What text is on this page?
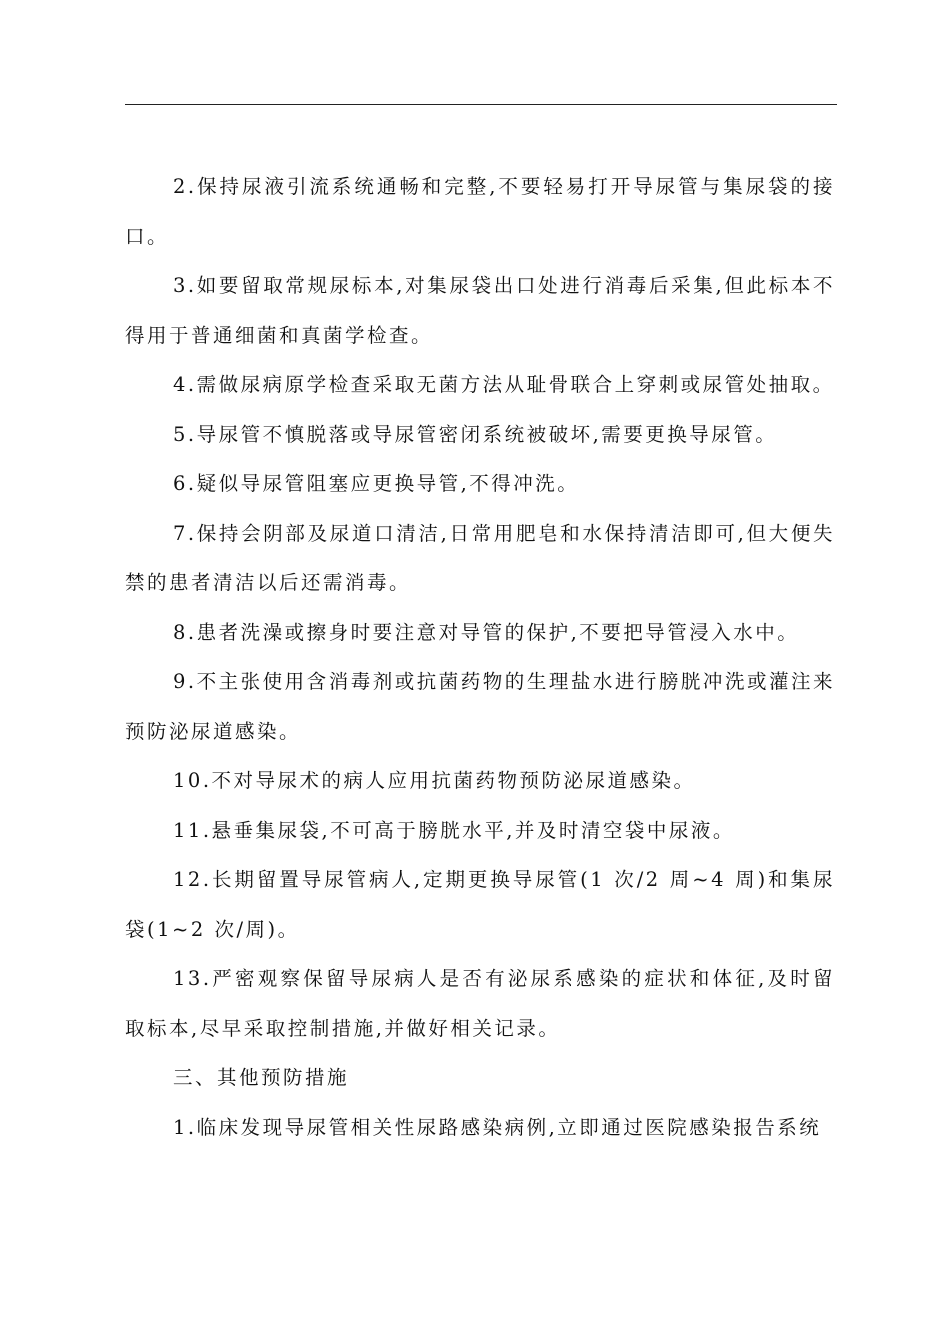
2.保持尿液引流系统通畅和完整,不要轻易打开导尿管与集尿袋的接口。

3.如要留取常规尿标本,对集尿袋出口处进行消毒后采集,但此标本不得用于普通细菌和真菌学检查。

4.需做尿病原学检查采取无菌方法从耻骨联合上穿刺或尿管处抽取。

5.导尿管不慎脱落或导尿管密闭系统被破坏,需要更换导尿管。

6.疑似导尿管阻塞应更换导管,不得冲洗。

7.保持会阴部及尿道口清洁,日常用肥皂和水保持清洁即可,但大便失禁的患者清洁以后还需消毒。

8.患者洗澡或擦身时要注意对导管的保护,不要把导管浸入水中。

9.不主张使用含消毒剂或抗菌药物的生理盐水进行膀胱冲洗或灌注来预防泌尿道感染。

10.不对导尿术的病人应用抗菌药物预防泌尿道感染。

11.悬垂集尿袋,不可高于膀胱水平,并及时清空袋中尿液。

12.长期留置导尿管病人,定期更换导尿管(1 次/2 周~4 周)和集尿袋(1~2 次/周)。

13.严密观察保留导尿病人是否有泌尿系感染的症状和体征,及时留取标本,尽早采取控制措施,并做好相关记录。

三、其他预防措施

1.临床发现导尿管相关性尿路感染病例,立即通过医院感染报告系统
